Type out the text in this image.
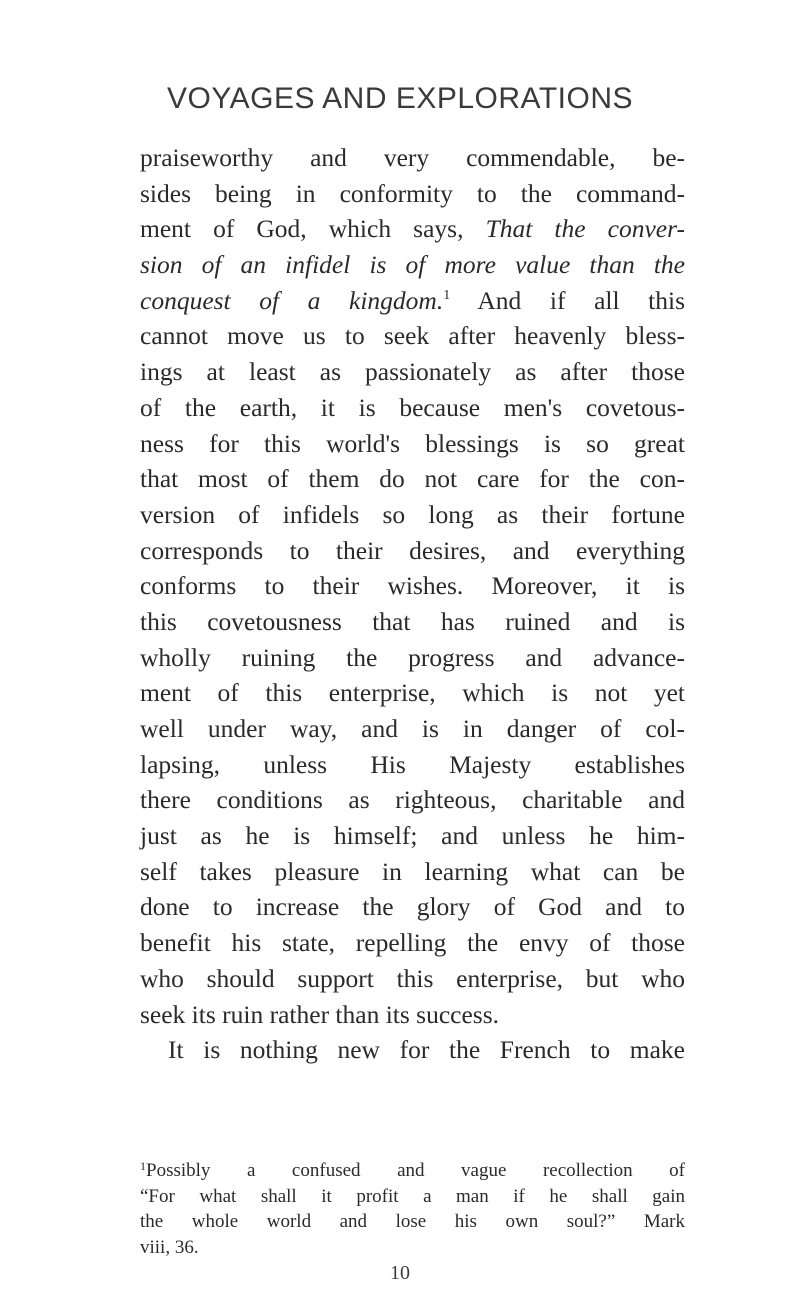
VOYAGES AND EXPLORATIONS
praiseworthy and very commendable, be-
sides being in conformity to the command-
ment of God, which says, That the conver-
sion of an infidel is of more value than the
conquest of a kingdom.$^1$ And if all this
cannot move us to seek after heavenly bless-
ings at least as passionately as after those
of the earth, it is because men's covetous-
ness for this world's blessings is so great
that most of them do not care for the con-
version of infidels so long as their fortune
corresponds to their desires, and everything
conforms to their wishes. Moreover, it is
this covetousness that has ruined and is
wholly ruining the progress and advance-
ment of this enterprise, which is not yet
well under way, and is in danger of col-
lapsing, unless His Majesty establishes
there conditions as righteous, charitable and
just as he is himself; and unless he him-
self takes pleasure in learning what can be
done to increase the glory of God and to
benefit his state, repelling the envy of those
who should support this enterprise, but who
seek its ruin rather than its success.
It is nothing new for the French to make
$^1$Possibly a confused and vague recollection of
“For what shall it profit a man if he shall gain
the whole world and lose his own soul?” Mark
viii, 36.
10
